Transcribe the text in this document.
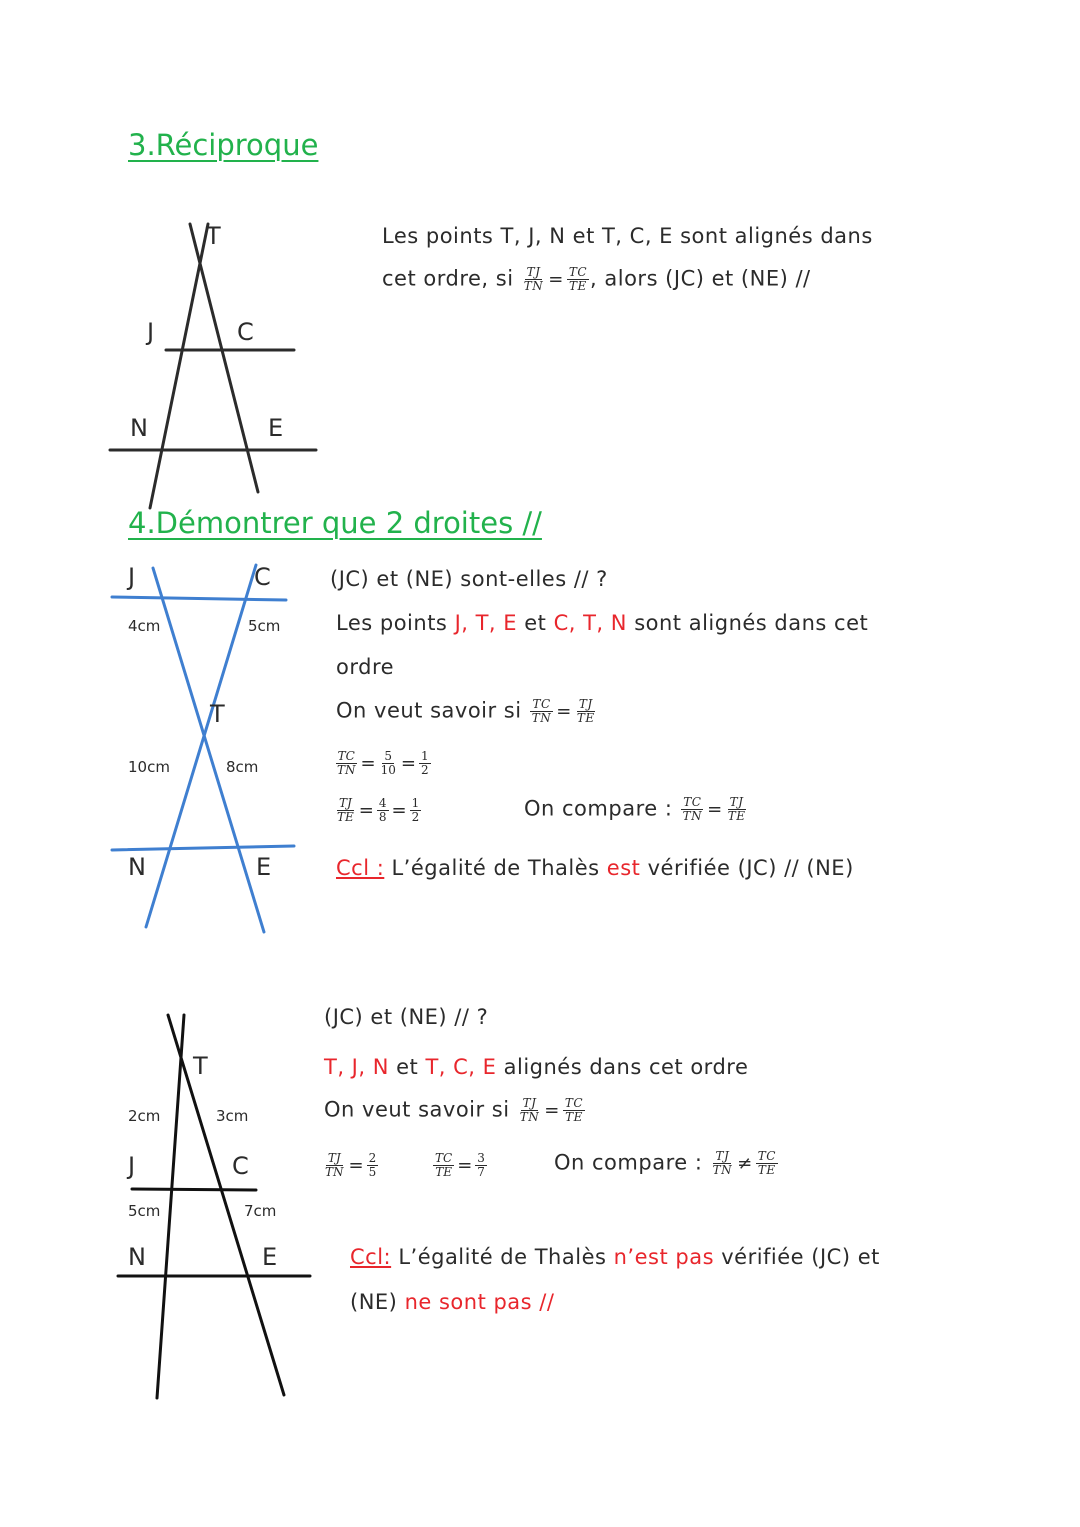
3.Réciproque
T
J	C
N	E
Les points T, J, N et T, C, E sont alignés dans
cet ordre, si $\frac{TJ}{TN} = \frac{TC}{TE}$ , alors (JC) et (NE) //
4.Démontrer que 2 droites //
J	C
4cm	5cm
T
10cm	8cm
N	E
(JC) et (NE) sont-elles // ?
Les points J, T, E et C, T, N sont alignés dans cet
ordre
On veut savoir si $\frac{TC}{TN} = \frac{TJ}{TE}$
$\frac{TC}{TN} = \frac{5}{10} = \frac{1}{2}$
$\frac{TJ}{TE} = \frac{4}{8} = \frac{1}{2}$	On compare : $\frac{TC}{TN} = \frac{TJ}{TE}$
Ccl : L’égalité de Thalès est vérifiée (JC) // (NE)
T
2cm	3cm
J	C
5cm	7cm
N	E
(JC) et (NE) // ?
T, J, N et T, C, E alignés dans cet ordre
On veut savoir si $\frac{TJ}{TN} = \frac{TC}{TE}$
$\frac{TJ}{TN} = \frac{2}{5}$	$\frac{TC}{TE} = \frac{3}{7}$	On compare : $\frac{TJ}{TN} \ne \frac{TC}{TE}$
Ccl: L’égalité de Thalès n’est pas vérifiée (JC) et
(NE) ne sont pas //
